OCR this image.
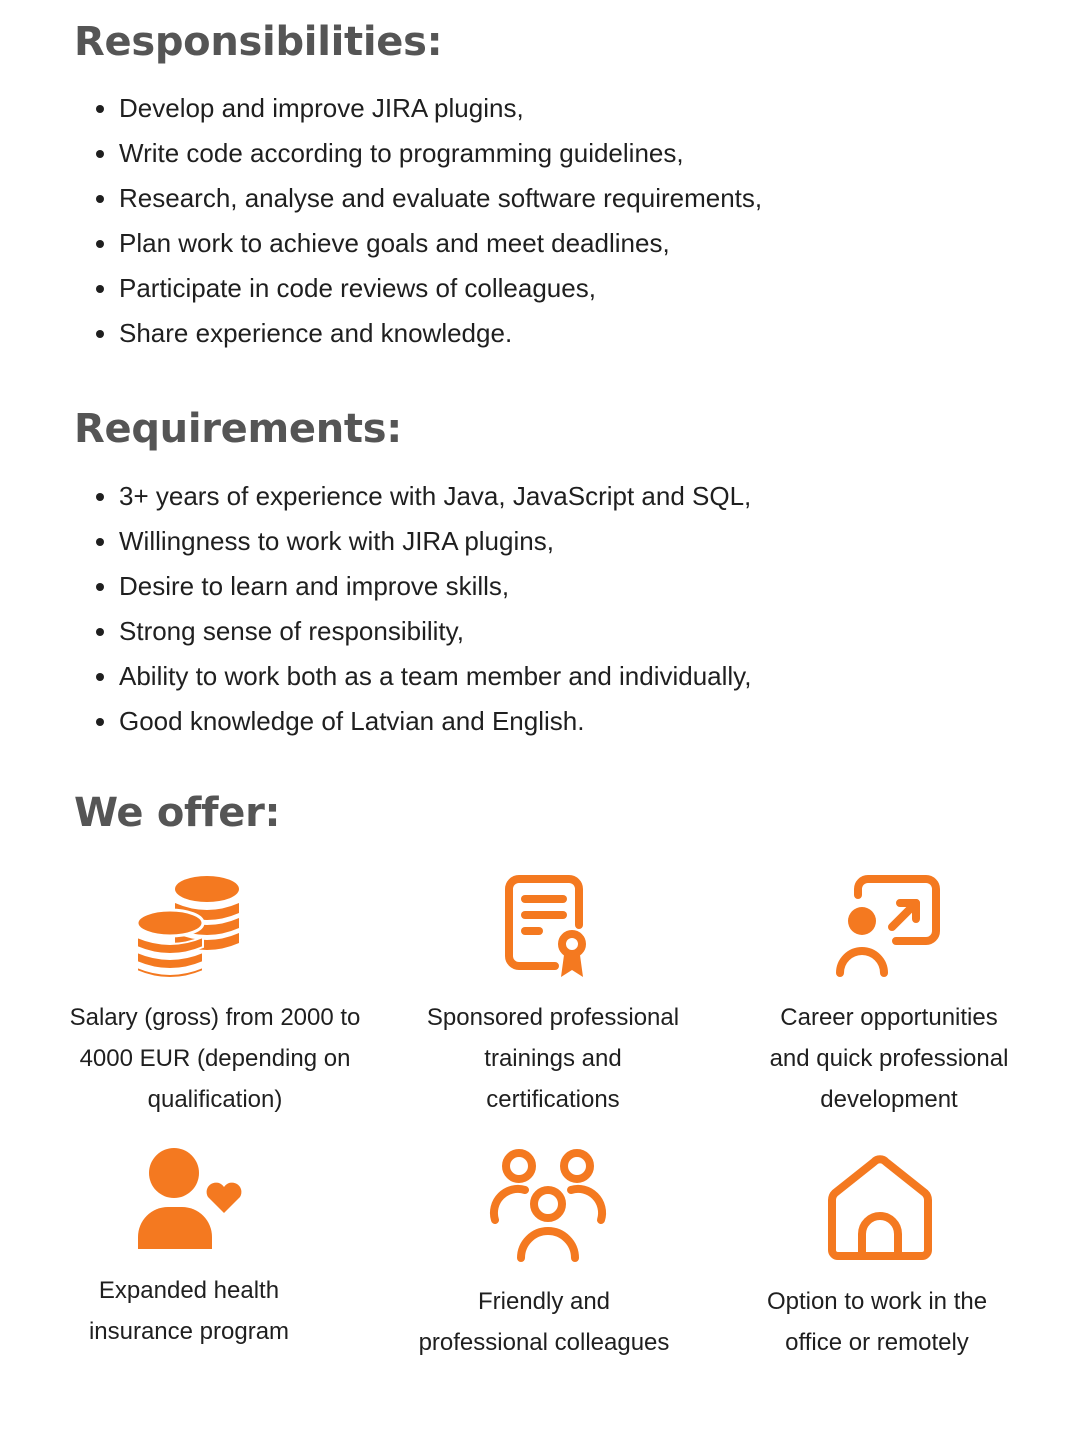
Responsibilities:
• Develop and improve JIRA plugins,
• Write code according to programming guidelines,
• Research, analyse and evaluate software requirements,
• Plan work to achieve goals and meet deadlines,
• Participate in code reviews of colleagues,
• Share experience and knowledge.
Requirements:
• 3+ years of experience with Java, JavaScript and SQL,
• Willingness to work with JIRA plugins,
• Desire to learn and improve skills,
• Strong sense of responsibility,
• Ability to work both as a team member and individually,
• Good knowledge of Latvian and English.
We offer:
Salary (gross) from 2000 to
4000 EUR (depending on
qualification)
Sponsored professional
trainings and
certifications
Career opportunities
and quick professional
development
Expanded health
insurance program
Friendly and
professional colleagues
Option to work in the
office or remotely
